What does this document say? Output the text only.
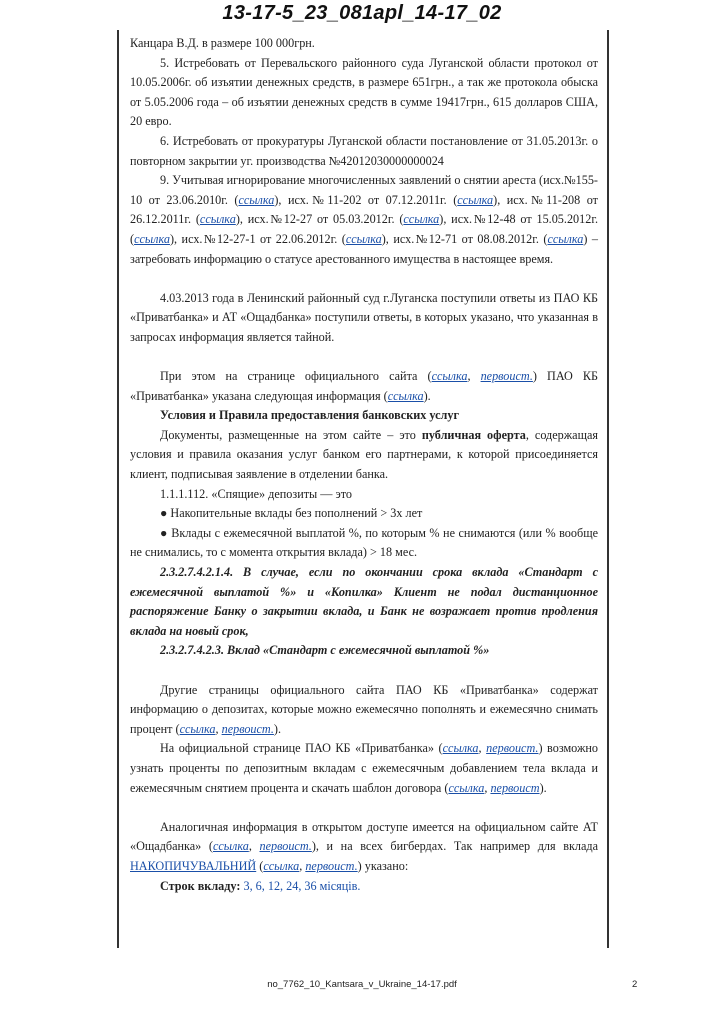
13-17-5_23_081apl_14-17_02

Канцара В.Д. в размере 100 000грн.

5. Истребовать от Перевальского районного суда Луганской области протокол от 10.05.2006г. об изъятии денежных средств, в размере 651грн., а так же протокола обыска от 5.05.2006 года – об изъятии денежных средств в сумме 19417грн., 615 долларов США, 20 евро.

6. Истребовать от прокуратуры Луганской области постановление от 31.05.2013г. о повторном закрытии уг. производства №42012030000000024

9. Учитывая игнорирование многочисленных заявлений о снятии ареста (исх.№155-10 от 23.06.2010г. (ссылка), исх.№11-202 от 07.12.2011г. (ссылка), исх.№11-208 от 26.12.2011г. (ссылка), исх.№12-27 от 05.03.2012г. (ссылка), исх.№12-48 от 15.05.2012г. (ссылка), исх.№12-27-1 от 22.06.2012г. (ссылка), исх.№12-71 от 08.08.2012г. (ссылка) – затребовать информацию о статусе арестованного имущества в настоящее время.

4.03.2013 года в Ленинский районный суд г.Луганска поступили ответы из ПАО КБ «Приватбанка» и АТ «Ощадбанка» поступили ответы, в которых указано, что указанная в запросах информация является тайной.

При этом на странице официального сайта (ссылка, первоист.) ПАО КБ «Приватбанка» указана следующая информация (ссылка).

Условия и Правила предоставления банковских услуг

Документы, размещенные на этом сайте – это публичная оферта, содержащая условия и правила оказания услуг банком его партнерами, к которой присоединяется клиент, подписывая заявление в отделении банка.

1.1.1.112. «Спящие» депозиты — это

● Накопительные вклады без пополнений > 3х лет

● Вклады с ежемесячной выплатой %, по которым % не снимаются (или % вообще не снимались, то с момента открытия вклада) > 18 мес.

2.3.2.7.4.2.1.4. В случае, если по окончании срока вклада «Стандарт с ежемесячной выплатой %» и «Копилка» Клиент не подал дистанционное распоряжение Банку о закрытии вклада, и Банк не возражает против продления вклада на новый срок,

2.3.2.7.4.2.3. Вклад «Стандарт с ежемесячной выплатой %»

Другие страницы официального сайта ПАО КБ «Приватбанка» содержат информацию о депозитах, которые можно ежемесячно пополнять и ежемесячно снимать процент (ссылка, первоист.).

На официальной странице ПАО КБ «Приватбанка» (ссылка, первоист.) возможно узнать проценты по депозитным вкладам с ежемесячным добавлением тела вклада и ежемесячным снятием процента и скачать шаблон договора (ссылка, первоист).

Аналогичная информация в открытом доступе имеется на официальном сайте АТ «Ощадбанка» (ссылка, первоист.), и на всех бигбердах. Так например для вклада НАКОПИЧУВАЛЬНИЙ (ссылка, первоист.) указано:

Строк вкладу: 3, 6, 12, 24, 36 місяців.

no_7762_10_Kantsara_v_Ukraine_14-17.pdf	2
